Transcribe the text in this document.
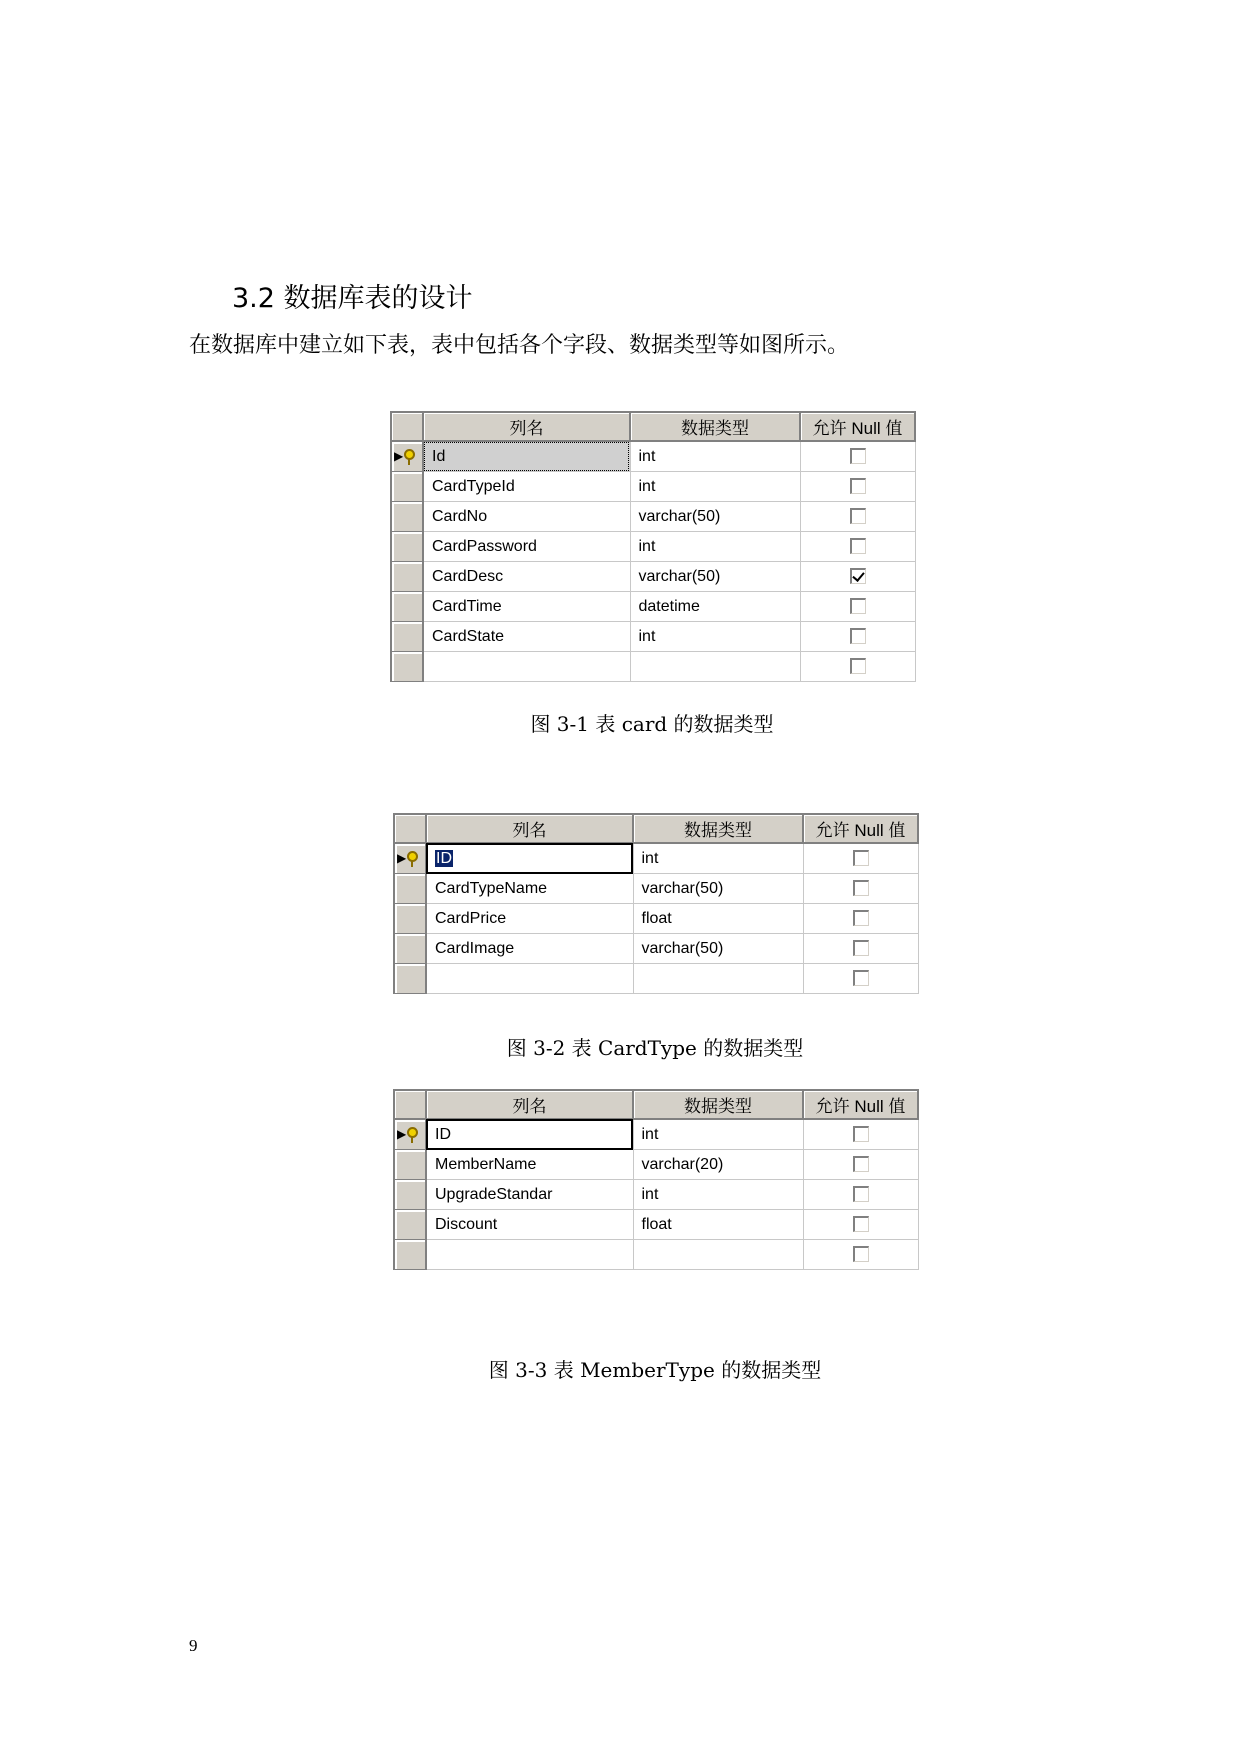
3.2 数据库表的设计
在数据库中建立如下表，表中包括各个字段、数据类型等如图所示。
	列名	数据类型	允许 Null 值

▶	Id	int	
	CardTypeId	int	
	CardNo	varchar(50)	
	CardPassword	int	
	CardDesc	varchar(50)	
	CardTime	datetime	
	CardState	int	

图 3-1 表 card 的数据类型
	列名	数据类型	允许 Null 值

▶	ID	int	
	CardTypeName	varchar(50)	
	CardPrice	float	
	CardImage	varchar(50)	

图 3-2 表 CardType 的数据类型
	列名	数据类型	允许 Null 值

▶	ID	int	
	MemberName	varchar(20)	
	UpgradeStandar	int	
	Discount	float	

图 3-3 表 MemberType 的数据类型
9
